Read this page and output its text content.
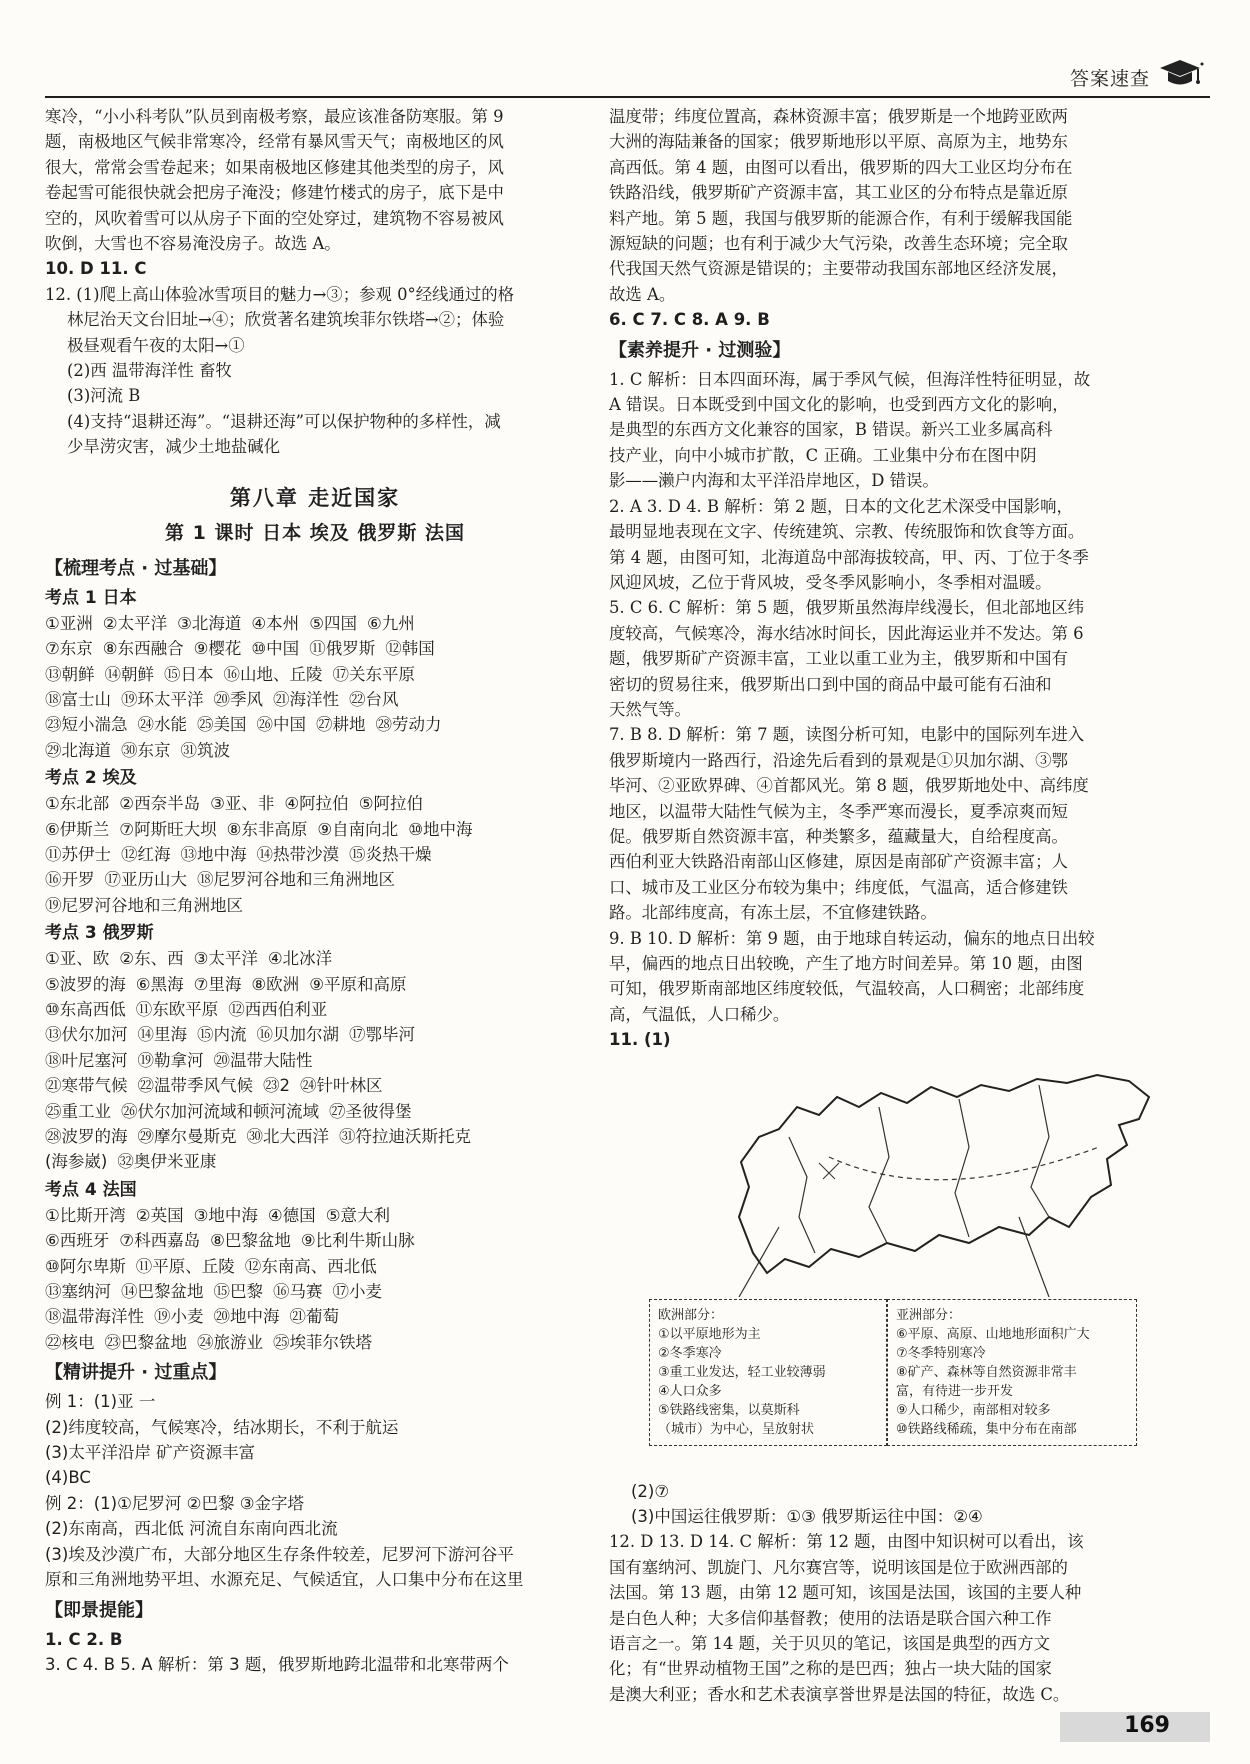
答案速查

寒冷，“小小科考队”队员到南极考察，最应该准备防寒服。第 9

题，南极地区气候非常寒冷，经常有暴风雪天气；南极地区的风

很大，常常会雪卷起来；如果南极地区修建其他类型的房子，风

卷起雪可能很快就会把房子淹没；修建竹楼式的房子，底下是中

空的，风吹着雪可以从房子下面的空处穿过，建筑物不容易被风

吹倒，大雪也不容易淹没房子。故选 A。

10. D 11. C

12. (1)爬上高山体验冰雪项目的魅力→③；参观 0°经线通过的格

林尼治天文台旧址→④；欣赏著名建筑埃菲尔铁塔→②；体验

极昼观看午夜的太阳→①

(2)西 温带海洋性 畜牧

(3)河流 B

(4)支持“退耕还海”。“退耕还海”可以保护物种的多样性，减

少旱涝灾害，减少土地盐碱化

第八章 走近国家
第 1 课时 日本 埃及 俄罗斯 法国
【梳理考点 · 过基础】
考点 1 日本
①亚洲 ②太平洋 ③北海道 ④本州 ⑤四国 ⑥九州
⑦东京 ⑧东西融合 ⑨樱花 ⑩中国 ⑪俄罗斯 ⑫韩国
⑬朝鲜 ⑭朝鲜 ⑮日本 ⑯山地、丘陵 ⑰关东平原
⑱富士山 ⑲环太平洋 ⑳季风 ㉑海洋性 ㉒台风
㉓短小湍急 ㉔水能 ㉕美国 ㉖中国 ㉗耕地 ㉘劳动力
㉙北海道 ㉚东京 ㉛筑波
考点 2 埃及
①东北部 ②西奈半岛 ③亚、非 ④阿拉伯 ⑤阿拉伯
⑥伊斯兰 ⑦阿斯旺大坝 ⑧东非高原 ⑨自南向北 ⑩地中海
⑪苏伊士 ⑫红海 ⑬地中海 ⑭热带沙漠 ⑮炎热干燥
⑯开罗 ⑰亚历山大 ⑱尼罗河谷地和三角洲地区
⑲尼罗河谷地和三角洲地区
考点 3 俄罗斯
①亚、欧 ②东、西 ③太平洋 ④北冰洋
⑤波罗的海 ⑥黑海 ⑦里海 ⑧欧洲 ⑨平原和高原
⑩东高西低 ⑪东欧平原 ⑫西西伯利亚
⑬伏尔加河 ⑭里海 ⑮内流 ⑯贝加尔湖 ⑰鄂毕河
⑱叶尼塞河 ⑲勒拿河 ⑳温带大陆性
㉑寒带气候 ㉒温带季风气候 ㉓2 ㉔针叶林区
㉕重工业 ㉖伏尔加河流域和顿河流域 ㉗圣彼得堡
㉘波罗的海 ㉙摩尔曼斯克 ㉚北大西洋 ㉛符拉迪沃斯托克
(海参崴) ㉜奥伊米亚康
考点 4 法国
①比斯开湾 ②英国 ③地中海 ④德国 ⑤意大利
⑥西班牙 ⑦科西嘉岛 ⑧巴黎盆地 ⑨比利牛斯山脉
⑩阿尔卑斯 ⑪平原、丘陵 ⑫东南高、西北低
⑬塞纳河 ⑭巴黎盆地 ⑮巴黎 ⑯马赛 ⑰小麦
⑱温带海洋性 ⑲小麦 ⑳地中海 ㉑葡萄
㉒核电 ㉓巴黎盆地 ㉔旅游业 ㉕埃菲尔铁塔
【精讲提升 · 过重点】

例 1：(1)亚 一

(2)纬度较高，气候寒冷，结冰期长，不利于航运

(3)太平洋沿岸 矿产资源丰富

(4)BC

例 2：(1)①尼罗河 ②巴黎 ③金字塔

(2)东南高，西北低 河流自东南向西北流

(3)埃及沙漠广布，大部分地区生存条件较差，尼罗河下游河谷平

原和三角洲地势平坦、水源充足、气候适宜，人口集中分布在这里

【即景提能】

1. C 2. B

3. C 4. B 5. A 解析：第 3 题，俄罗斯地跨北温带和北寒带两个

温度带；纬度位置高，森林资源丰富；俄罗斯是一个地跨亚欧两

大洲的海陆兼备的国家；俄罗斯地形以平原、高原为主，地势东

高西低。第 4 题，由图可以看出，俄罗斯的四大工业区均分布在

铁路沿线，俄罗斯矿产资源丰富，其工业区的分布特点是靠近原

料产地。第 5 题，我国与俄罗斯的能源合作，有利于缓解我国能

源短缺的问题；也有利于减少大气污染，改善生态环境；完全取

代我国天然气资源是错误的；主要带动我国东部地区经济发展，

故选 A。

6. C 7. C 8. A 9. B

【素养提升 · 过测验】

1. C 解析：日本四面环海，属于季风气候，但海洋性特征明显，故

A 错误。日本既受到中国文化的影响，也受到西方文化的影响，

是典型的东西方文化兼容的国家，B 错误。新兴工业多属高科

技产业，向中小城市扩散，C 正确。工业集中分布在图中阴

影——濑户内海和太平洋沿岸地区，D 错误。

2. A 3. D 4. B 解析：第 2 题，日本的文化艺术深受中国影响，

最明显地表现在文字、传统建筑、宗教、传统服饰和饮食等方面。

第 4 题，由图可知，北海道岛中部海拔较高，甲、丙、丁位于冬季

风迎风坡，乙位于背风坡，受冬季风影响小，冬季相对温暖。

5. C 6. C 解析：第 5 题，俄罗斯虽然海岸线漫长，但北部地区纬

度较高，气候寒冷，海水结冰时间长，因此海运业并不发达。第 6

题，俄罗斯矿产资源丰富，工业以重工业为主，俄罗斯和中国有

密切的贸易往来，俄罗斯出口到中国的商品中最可能有石油和

天然气等。

7. B 8. D 解析：第 7 题，读图分析可知，电影中的国际列车进入

俄罗斯境内一路西行，沿途先后看到的景观是①贝加尔湖、③鄂

毕河、②亚欧界碑、④首都风光。第 8 题，俄罗斯地处中、高纬度

地区，以温带大陆性气候为主，冬季严寒而漫长，夏季凉爽而短

促。俄罗斯自然资源丰富，种类繁多，蕴藏量大，自给程度高。

西伯利亚大铁路沿南部山区修建，原因是南部矿产资源丰富；人

口、城市及工业区分布较为集中；纬度低，气温高，适合修建铁

路。北部纬度高，有冻土层，不宜修建铁路。

9. B 10. D 解析：第 9 题，由于地球自转运动，偏东的地点日出较

早，偏西的地点日出较晚，产生了地方时间差异。第 10 题，由图

可知，俄罗斯南部地区纬度较低，气温较高，人口稠密；北部纬度

高，气温低，人口稀少。

11. (1)

欧洲部分：
①以平原地形为主
②冬季寒冷
③重工业发达，轻工业较薄弱
④人口众多
⑤铁路线密集，以莫斯科
（城市）为中心，呈放射状
亚洲部分：
⑥平原、高原、山地地形面积广大
⑦冬季特别寒冷
⑧矿产、森林等自然资源非常丰
富，有待进一步开发
⑨人口稀少，南部相对较多
⑩铁路线稀疏，集中分布在南部

(2)⑦

(3)中国运往俄罗斯：①③ 俄罗斯运往中国：②④

12. D 13. D 14. C 解析：第 12 题，由图中知识树可以看出，该

国有塞纳河、凯旋门、凡尔赛宫等，说明该国是位于欧洲西部的

法国。第 13 题，由第 12 题可知，该国是法国，该国的主要人种

是白色人种；大多信仰基督教；使用的法语是联合国六种工作

语言之一。第 14 题，关于贝贝的笔记，该国是典型的西方文

化；有“世界动植物王国”之称的是巴西；独占一块大陆的国家

是澳大利亚；香水和艺术表演享誉世界是法国的特征，故选 C。

169
